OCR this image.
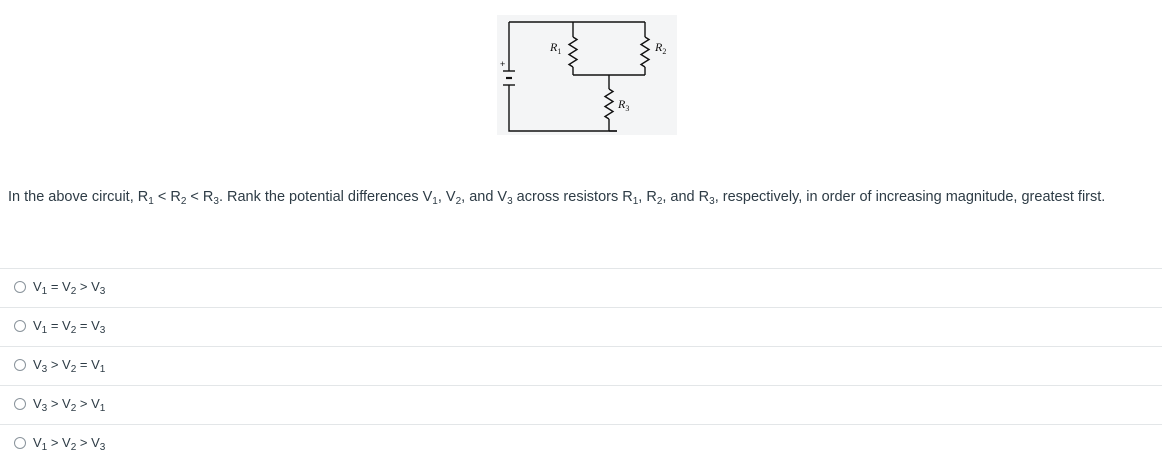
$R_1$	$R_2$
$R_3$
+
In the above circuit, $R_1 < R_2 < R_3$. Rank the potential differences $V_1$, $V_2$, and $V_3$ across resistors $R_1$, $R_2$, and $R_3$, respectively, in order of increasing magnitude, greatest first.
$V_1 = V_2 > V_3$
$V_1 = V_2 = V_3$
$V_3 > V_2 = V_1$
$V_3 > V_2 > V_1$
$V_1 > V_2 > V_3$
